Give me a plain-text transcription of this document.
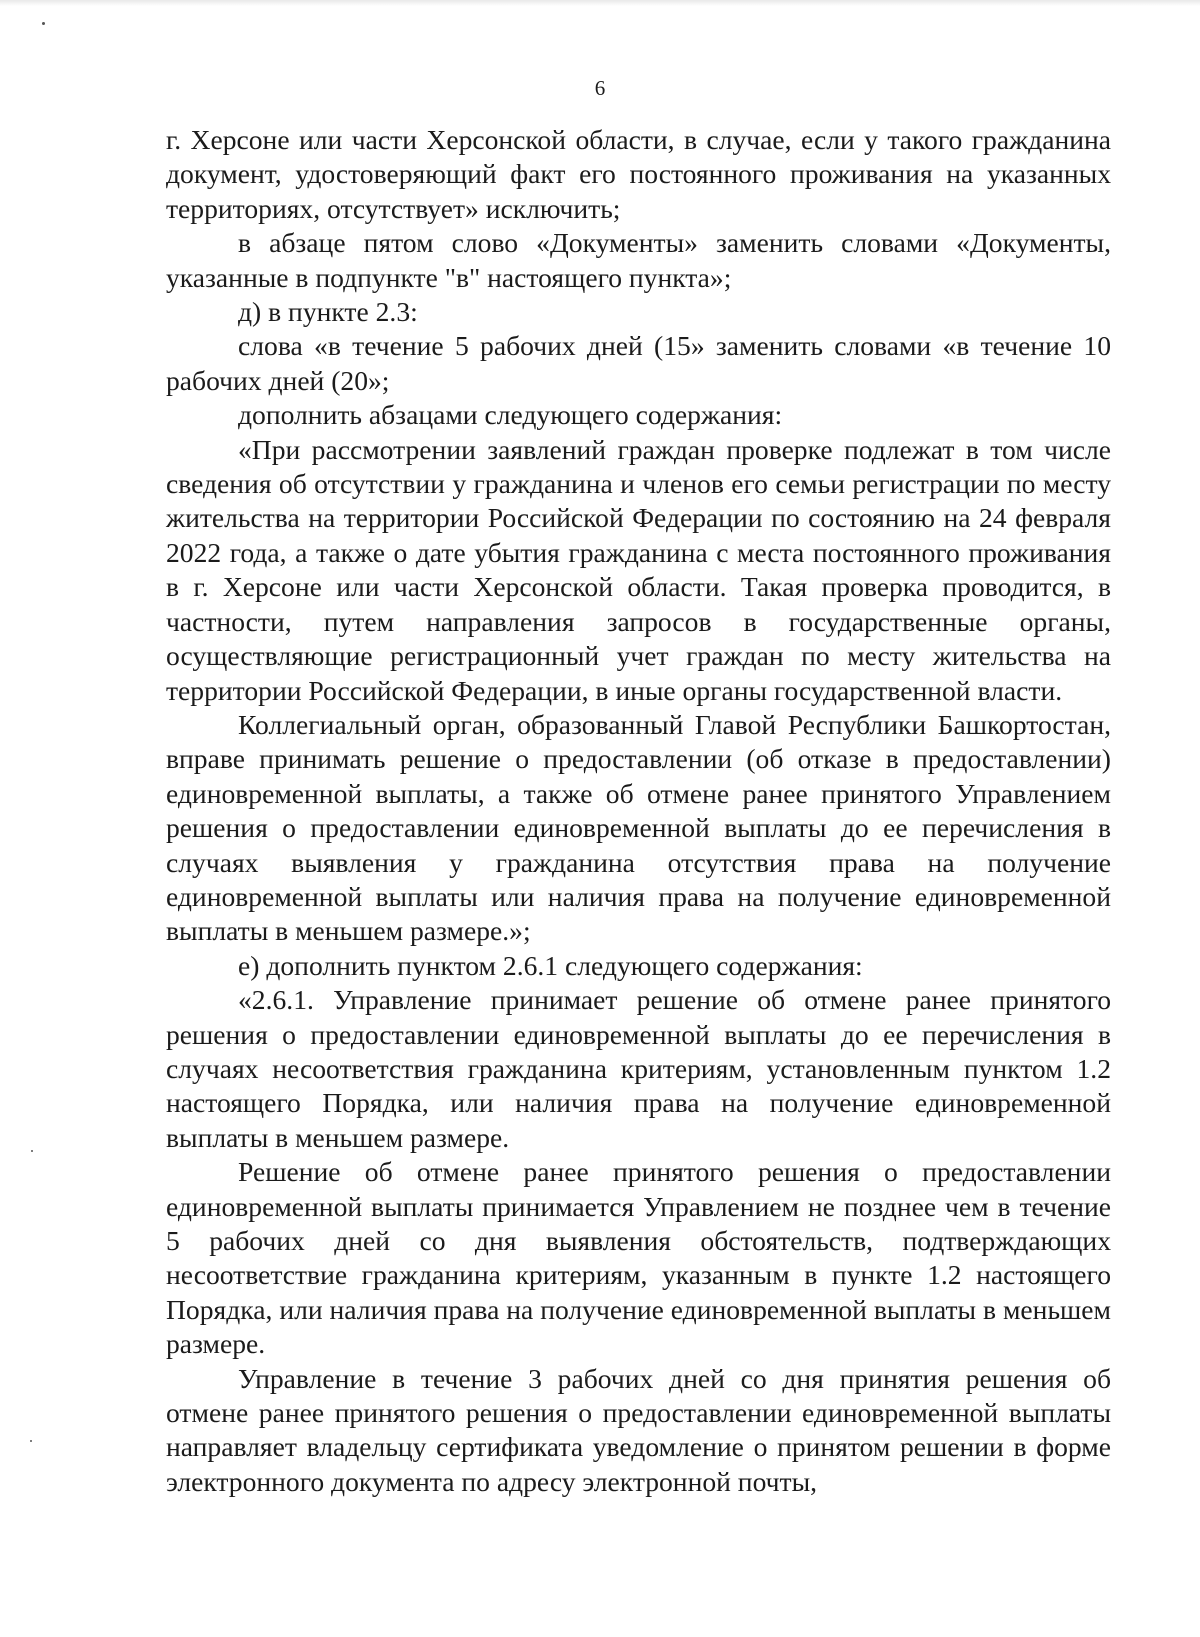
6

г. Херсоне или части Херсонской области, в случае, если у такого гражданина документ, удостоверяющий факт его постоянного проживания на указанных территориях, отсутствует» исключить;

в абзаце пятом слово «Документы» заменить словами «Документы, указанные в подпункте "в" настоящего пункта»;

д) в пункте 2.3:

слова «в течение 5 рабочих дней (15» заменить словами «в течение 10 рабочих дней (20»;

дополнить абзацами следующего содержания:

«При рассмотрении заявлений граждан проверке подлежат в том числе сведения об отсутствии у гражданина и членов его семьи регистрации по месту жительства на территории Российской Федерации по состоянию на 24 февраля 2022 года, а также о дате убытия гражданина с места постоянного проживания в г. Херсоне или части Херсонской области. Такая проверка проводится, в частности, путем направления запросов в государственные органы, осуществляющие регистрационный учет граждан по месту жительства на территории Российской Федерации, в иные органы государственной власти.

Коллегиальный орган, образованный Главой Республики Башкортостан, вправе принимать решение о предоставлении (об отказе в предоставлении) единовременной выплаты, а также об отмене ранее принятого Управлением решения о предоставлении единовременной выплаты до ее перечисления в случаях выявления у гражданина отсутствия права на получение единовременной выплаты или наличия права на получение единовременной выплаты в меньшем размере.»;

е) дополнить пунктом 2.6.1 следующего содержания:

«2.6.1. Управление принимает решение об отмене ранее принятого решения о предоставлении единовременной выплаты до ее перечисления в случаях несоответствия гражданина критериям, установленным пунктом 1.2 настоящего Порядка, или наличия права на получение единовременной выплаты в меньшем размере.

Решение об отмене ранее принятого решения о предоставлении единовременной выплаты принимается Управлением не позднее чем в течение 5 рабочих дней со дня выявления обстоятельств, подтверждающих несоответствие гражданина критериям, указанным в пункте 1.2 настоящего Порядка, или наличия права на получение единовременной выплаты в меньшем размере.

Управление в течение 3 рабочих дней со дня принятия решения об отмене ранее принятого решения о предоставлении единовременной выплаты направляет владельцу сертификата уведомление о принятом решении в форме электронного документа по адресу электронной почты,
